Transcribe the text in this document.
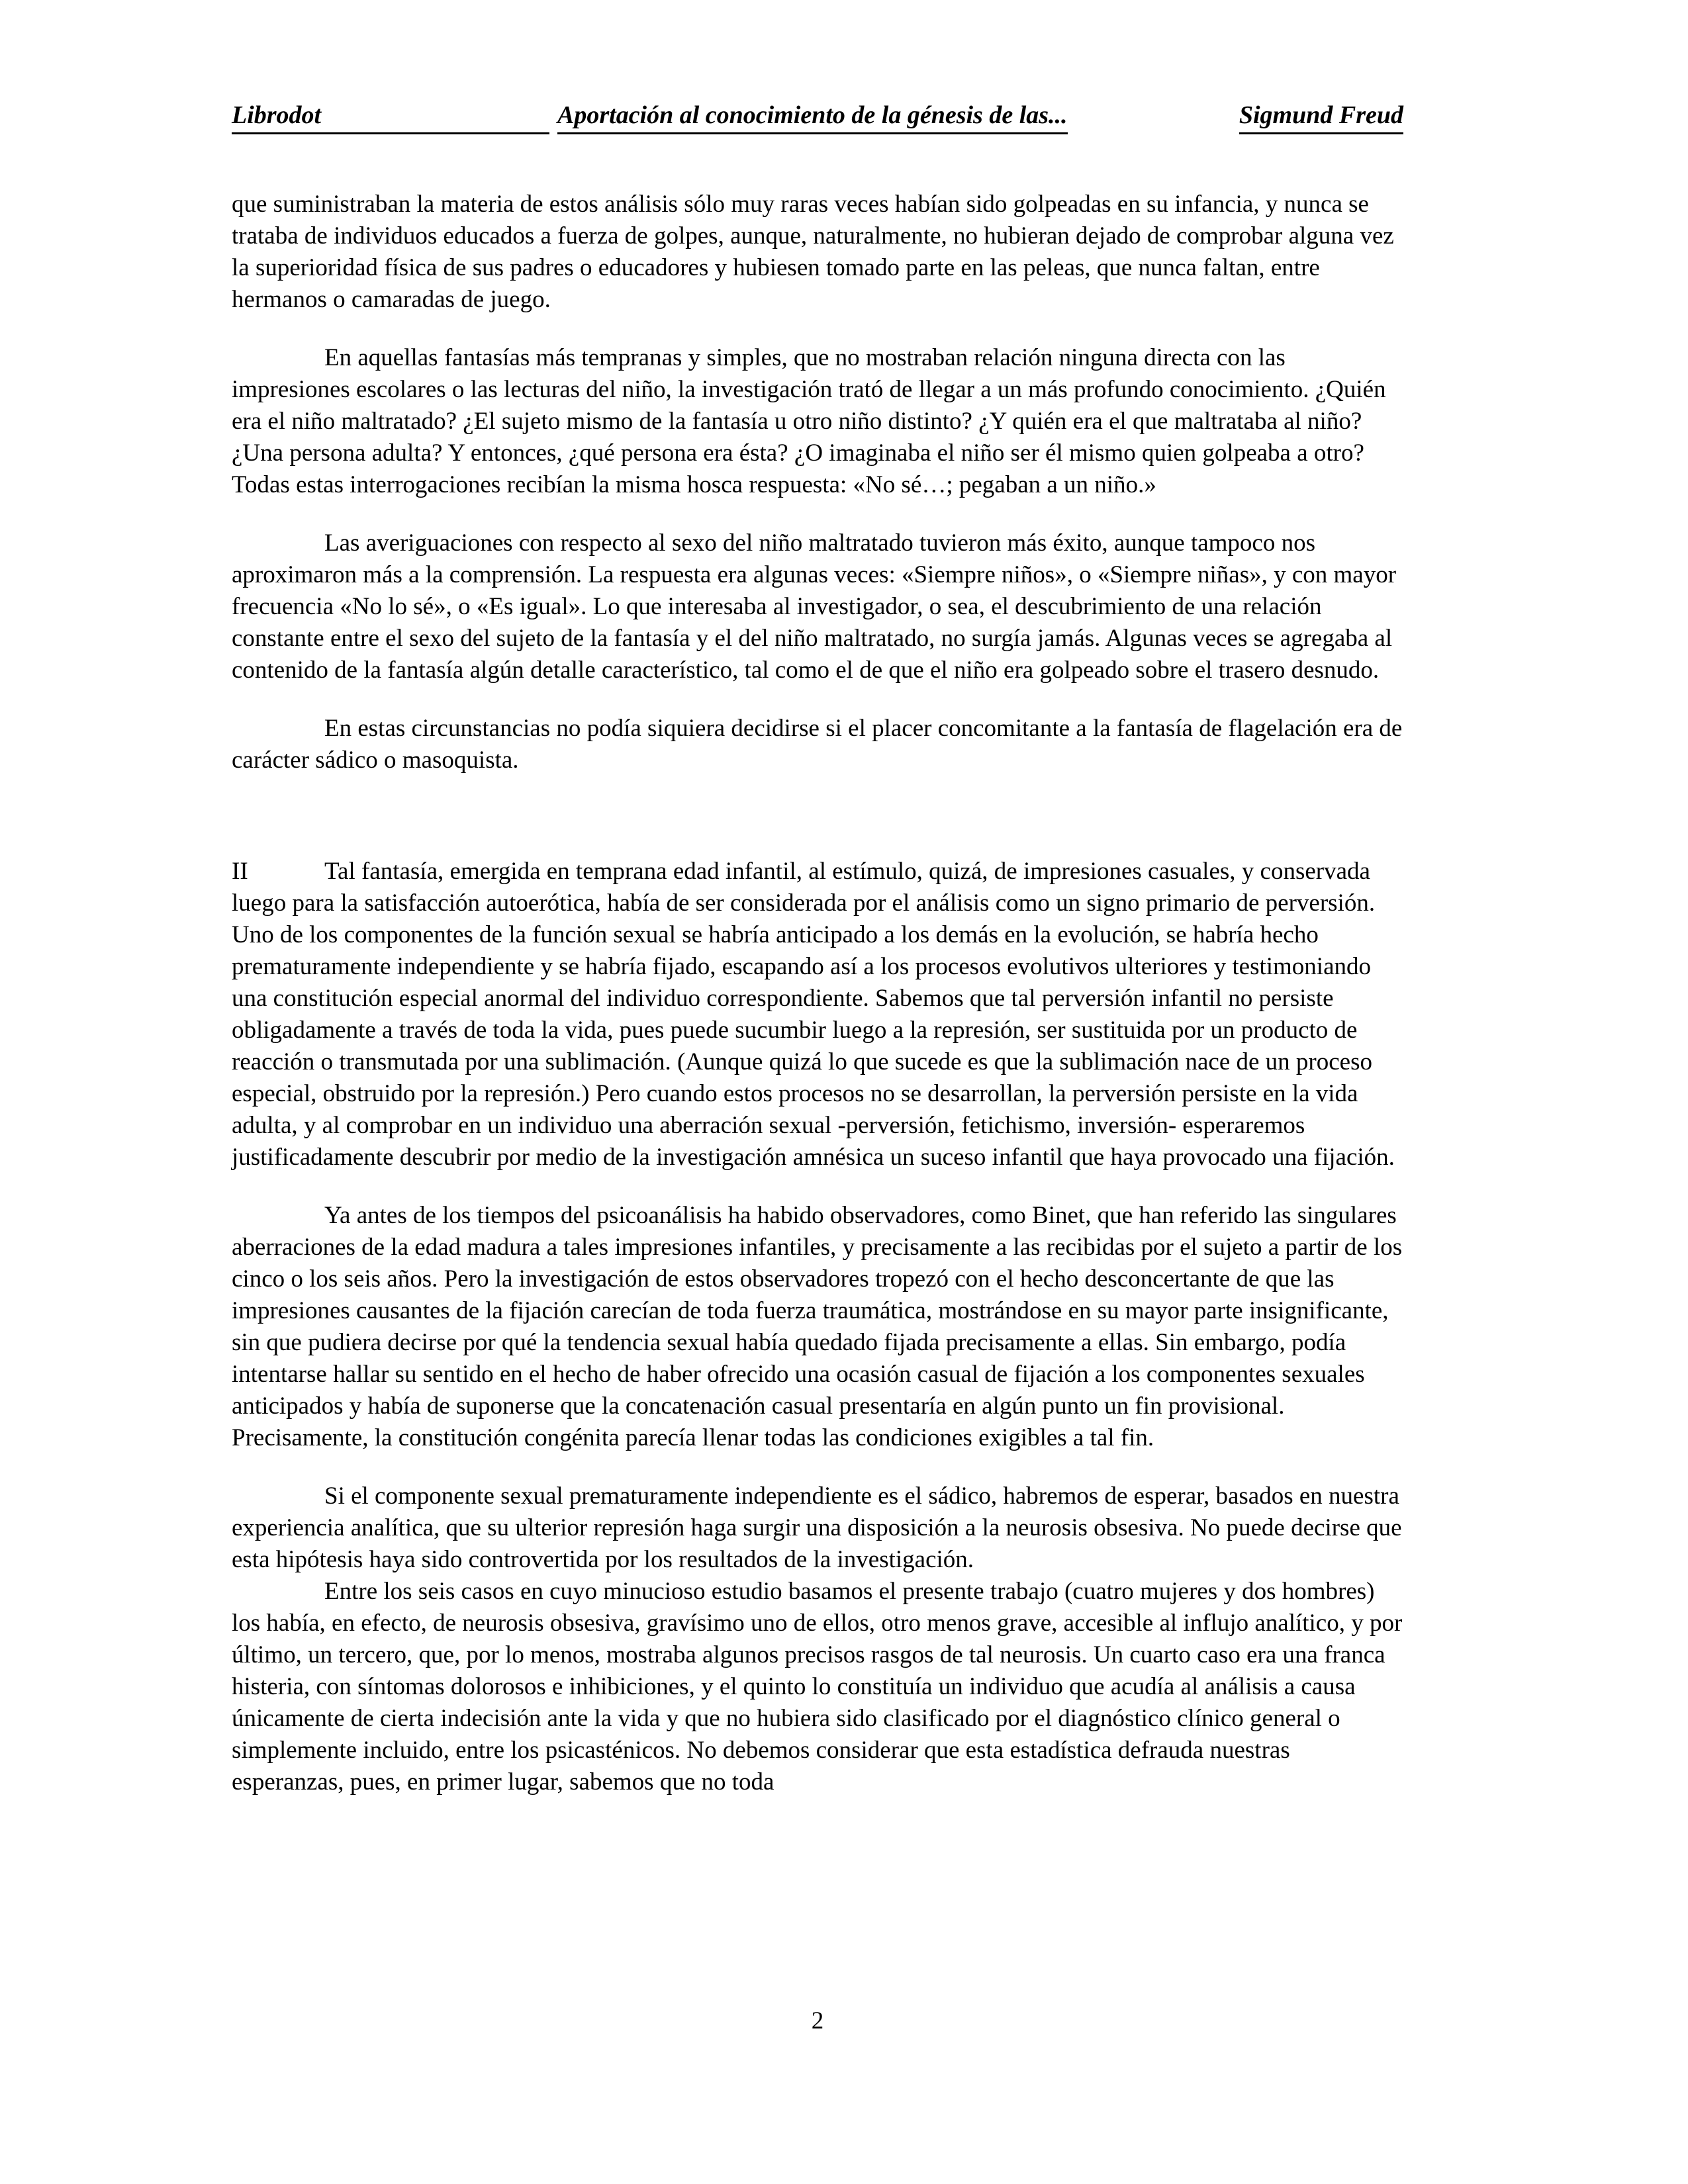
Librodot	Aportación al conocimiento de la génesis de las...	Sigmund Freud

que suministraban la materia de estos análisis sólo muy raras veces habían sido golpeadas en su infancia, y nunca se trataba de individuos educados a fuerza de golpes, aunque, naturalmente, no hubieran dejado de comprobar alguna vez la superioridad física de sus padres o educadores y hubiesen tomado parte en las peleas, que nunca faltan, entre hermanos o camaradas de juego.

En aquellas fantasías más tempranas y simples, que no mostraban relación ninguna directa con las impresiones escolares o las lecturas del niño, la investigación trató de llegar a un más profundo conocimiento. ¿Quién era el niño maltratado? ¿El sujeto mismo de la fantasía u otro niño distinto? ¿Y quién era el que maltrataba al niño? ¿Una persona adulta? Y entonces, ¿qué persona era ésta? ¿O imaginaba el niño ser él mismo quien golpeaba a otro? Todas estas interrogaciones recibían la misma hosca respuesta: «No sé…; pegaban a un niño.»

Las averiguaciones con respecto al sexo del niño maltratado tuvieron más éxito, aunque tampoco nos aproximaron más a la comprensión. La respuesta era algunas veces: «Siempre niños», o «Siempre niñas», y con mayor frecuencia «No lo sé», o «Es igual». Lo que interesaba al investigador, o sea, el descubrimiento de una relación constante entre el sexo del sujeto de la fantasía y el del niño maltratado, no surgía jamás. Algunas veces se agregaba al contenido de la fantasía algún detalle característico, tal como el de que el niño era golpeado sobre el trasero desnudo.

En estas circunstancias no podía siquiera decidirse si el placer concomitante a la fantasía de flagelación era de carácter sádico o masoquista.

II	Tal fantasía, emergida en temprana edad infantil, al estímulo, quizá, de impresiones casuales, y conservada luego para la satisfacción autoerótica, había de ser considerada por el análisis como un signo primario de perversión. Uno de los componentes de la función sexual se habría anticipado a los demás en la evolución, se habría hecho prematuramente independiente y se habría fijado, escapando así a los procesos evolutivos ulteriores y testimoniando una constitución especial anormal del individuo correspondiente. Sabemos que tal perversión infantil no persiste obligadamente a través de toda la vida, pues puede sucumbir luego a la represión, ser sustituida por un producto de reacción o transmutada por una sublimación. (Aunque quizá lo que sucede es que la sublimación nace de un proceso especial, obstruido por la represión.) Pero cuando estos procesos no se desarrollan, la perversión persiste en la vida adulta, y al comprobar en un individuo una aberración sexual -perversión, fetichismo, inversión- esperaremos justificadamente descubrir por medio de la investigación amnésica un suceso infantil que haya provocado una fijación.

Ya antes de los tiempos del psicoanálisis ha habido observadores, como Binet, que han referido las singulares aberraciones de la edad madura a tales impresiones infantiles, y precisamente a las recibidas por el sujeto a partir de los cinco o los seis años. Pero la investigación de estos observadores tropezó con el hecho desconcertante de que las impresiones causantes de la fijación carecían de toda fuerza traumática, mostrándose en su mayor parte insignificante, sin que pudiera decirse por qué la tendencia sexual había quedado fijada precisamente a ellas. Sin embargo, podía intentarse hallar su sentido en el hecho de haber ofrecido una ocasión casual de fijación a los componentes sexuales anticipados y había de suponerse que la concatenación casual presentaría en algún punto un fin provisional. Precisamente, la constitución congénita parecía llenar todas las condiciones exigibles a tal fin.

Si el componente sexual prematuramente independiente es el sádico, habremos de esperar, basados en nuestra experiencia analítica, que su ulterior represión haga surgir una disposición a la neurosis obsesiva. No puede decirse que esta hipótesis haya sido controvertida por los resultados de la investigación.

Entre los seis casos en cuyo minucioso estudio basamos el presente trabajo (cuatro mujeres y dos hombres) los había, en efecto, de neurosis obsesiva, gravísimo uno de ellos, otro menos grave, accesible al influjo analítico, y por último, un tercero, que, por lo menos, mostraba algunos precisos rasgos de tal neurosis. Un cuarto caso era una franca histeria, con síntomas dolorosos e inhibiciones, y el quinto lo constituía un individuo que acudía al análisis a causa únicamente de cierta indecisión ante la vida y que no hubiera sido clasificado por el diagnóstico clínico general o simplemente incluido, entre los psicasténicos. No debemos considerar que esta estadística defrauda nuestras esperanzas, pues, en primer lugar, sabemos que no toda

2
